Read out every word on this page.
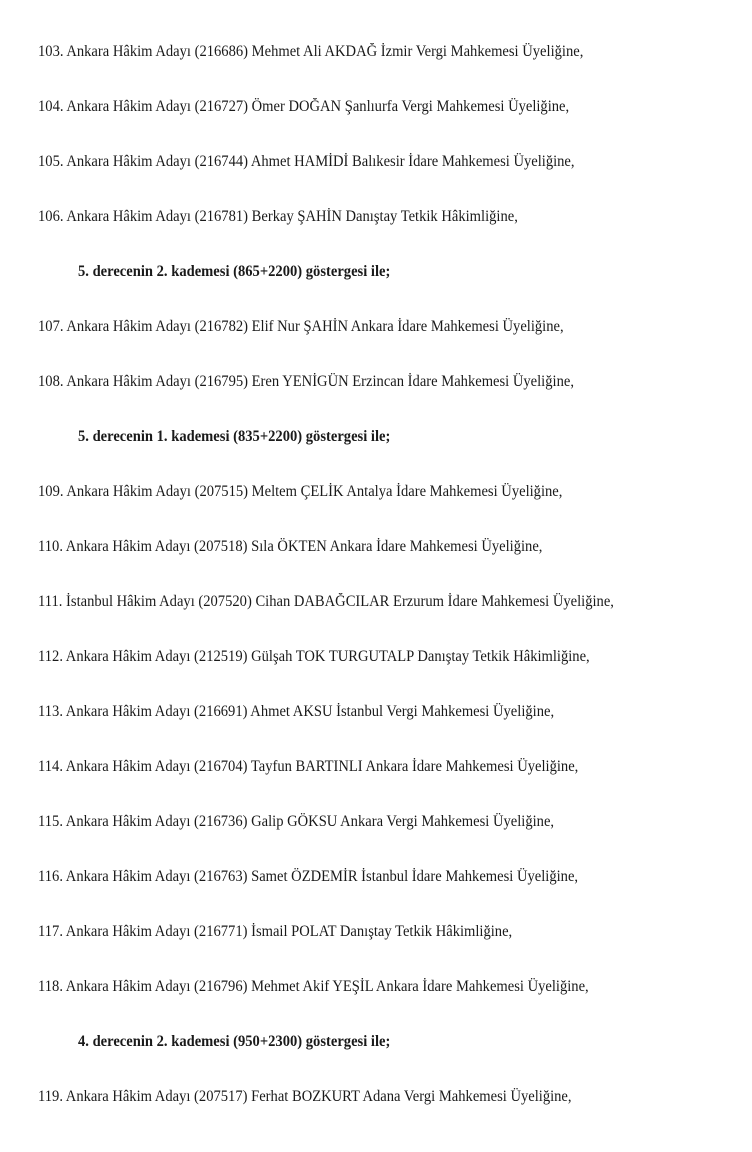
103. Ankara Hâkim Adayı (216686) Mehmet Ali AKDAĞ İzmir Vergi Mahkemesi Üyeliğine,
104. Ankara Hâkim Adayı (216727) Ömer DOĞAN Şanlıurfa Vergi Mahkemesi Üyeliğine,
105. Ankara Hâkim Adayı (216744) Ahmet HAMİDİ Balıkesir İdare Mahkemesi Üyeliğine,
106. Ankara Hâkim Adayı (216781) Berkay ŞAHİN Danıştay Tetkik Hâkimliğine,
5. derecenin 2. kademesi (865+2200) göstergesi ile;
107. Ankara Hâkim Adayı (216782) Elif Nur ŞAHİN Ankara İdare Mahkemesi Üyeliğine,
108. Ankara Hâkim Adayı (216795) Eren YENİGÜN Erzincan İdare Mahkemesi Üyeliğine,
5. derecenin 1. kademesi (835+2200) göstergesi ile;
109. Ankara Hâkim Adayı (207515) Meltem ÇELİK Antalya İdare Mahkemesi Üyeliğine,
110. Ankara Hâkim Adayı (207518) Sıla ÖKTEN Ankara İdare Mahkemesi Üyeliğine,
111. İstanbul Hâkim Adayı (207520) Cihan DABAĞCILAR Erzurum İdare Mahkemesi Üyeliğine,
112. Ankara Hâkim Adayı (212519) Gülşah TOK TURGUTALP Danıştay Tetkik Hâkimliğine,
113. Ankara Hâkim Adayı (216691) Ahmet AKSU İstanbul Vergi Mahkemesi Üyeliğine,
114. Ankara Hâkim Adayı (216704) Tayfun BARTINLI Ankara İdare Mahkemesi Üyeliğine,
115. Ankara Hâkim Adayı (216736) Galip GÖKSU Ankara Vergi Mahkemesi Üyeliğine,
116. Ankara Hâkim Adayı (216763) Samet ÖZDEMİR İstanbul İdare Mahkemesi Üyeliğine,
117. Ankara Hâkim Adayı (216771) İsmail POLAT Danıştay Tetkik Hâkimliğine,
118. Ankara Hâkim Adayı (216796) Mehmet Akif YEŞİL Ankara İdare Mahkemesi Üyeliğine,
4. derecenin 2. kademesi (950+2300) göstergesi ile;
119. Ankara Hâkim Adayı (207517) Ferhat BOZKURT Adana Vergi Mahkemesi Üyeliğine,
